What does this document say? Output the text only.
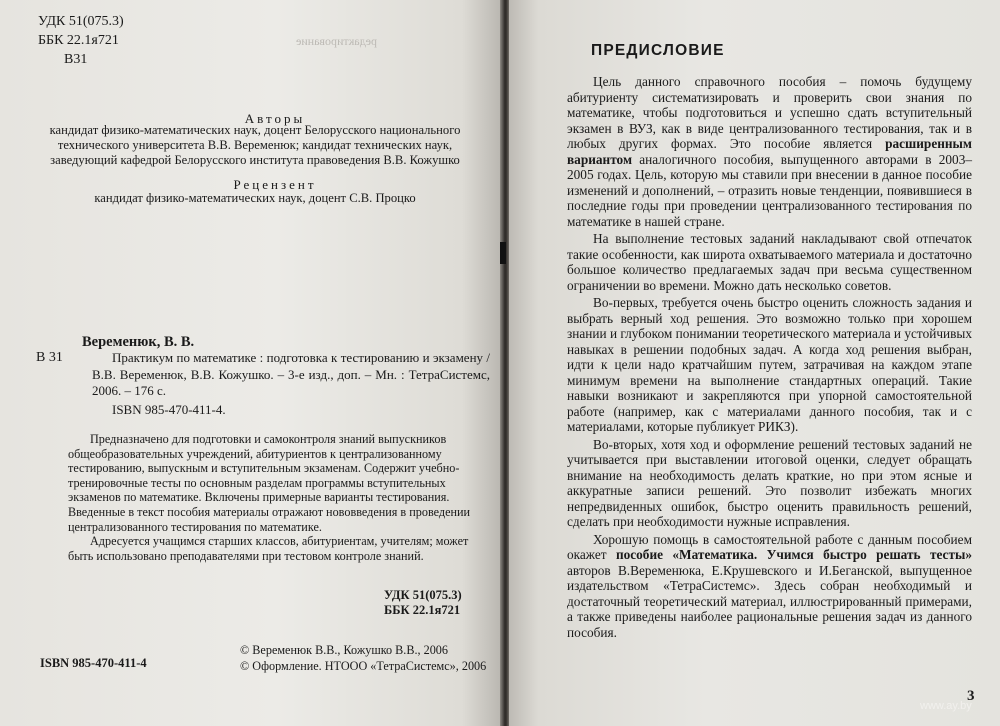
редактирование
УДК 51(075.3)
ББК 22.1я721
В31
Авторы
кандидат физико-математических наук, доцент Белорусского национального
технического университета В.В. Веременюк; кандидат технических наук,
заведующий кафедрой Белорусского института правоведения В.В. Кожушко
Рецензент
кандидат физико-математических наук, доцент С.В. Процко
В 31
Веременюк, В. В.
Практикум по математике : подготовка к тестированию и экзамену / В.В. Веременюк, В.В. Кожушко. – 3-е изд., доп. – Мн. : ТетраСистемс, 2006. – 176 с.
ISBN 985-470-411-4.

Предназначено для подготовки и самоконтроля знаний выпускников общеобразовательных учреждений, абитуриентов к централизованному тестированию, выпускным и вступительным экзаменам. Содержит учебно-тренировочные тесты по основным разделам программы вступительных экзаменов по математике. Включены примерные варианты тестирования. Введенные в текст пособия материалы отражают нововведения в проведении централизованного тестирования по математике.

Адресуется учащимся старших классов, абитуриентам, учителям; может быть использовано преподавателями при тестовом контроле знаний.

УДК 51(075.3)
ББК 22.1я721
ISBN 985-470-411-4
© Веременюк В.В., Кожушко В.В., 2006
© Оформление. НТООО «ТетраСистемс», 2006
ПРЕДИСЛОВИЕ

Цель данного справочного пособия – помочь будущему абитуриенту систематизировать и проверить свои знания по математике, чтобы подготовиться и успешно сдать вступительный экзамен в ВУЗ, как в виде централизованного тестирования, так и в любых других формах. Это пособие является расширенным вариантом аналогичного пособия, выпущенного авторами в 2003–2005 годах. Цель, которую мы ставили при внесении в данное пособие изменений и дополнений, – отразить новые тенденции, появившиеся в последние годы при проведении централизованного тестирования по математике в нашей стране.

На выполнение тестовых заданий накладывают свой отпечаток такие особенности, как широта охватываемого материала и достаточно большое количество предлагаемых задач при весьма существенном ограничении во времени. Можно дать несколько советов.

Во-первых, требуется очень быстро оценить сложность задания и выбрать верный ход решения. Это возможно только при хорошем знании и глубоком понимании теоретического материала и устойчивых навыках в решении подобных задач. А когда ход решения выбран, идти к цели надо кратчайшим путем, затрачивая на каждом этапе минимум времени на выполнение стандартных операций. Такие навыки возникают и закрепляются при упорной самостоятельной работе (например, как с материалами данного пособия, так и с материалами, которые публикует РИКЗ).

Во-вторых, хотя ход и оформление решений тестовых заданий не учитывается при выставлении итоговой оценки, следует обращать внимание на необходимость делать краткие, но при этом ясные и аккуратные записи решений. Это позволит избежать многих непредвиденных ошибок, быстро оценить правильность решений, сделать при необходимости нужные исправления.

Хорошую помощь в самостоятельной работе с данным пособием окажет пособие «Математика. Учимся быстро решать тесты» авторов В.Веременюка, Е.Крушевского и И.Беганской, выпущенное издательством «ТетраСистемс». Здесь собран необходимый и достаточный теоретический материал, иллюстрированный примерами, а также приведены наиболее рациональные решения задач из данного пособия.

3
www.ay.by
